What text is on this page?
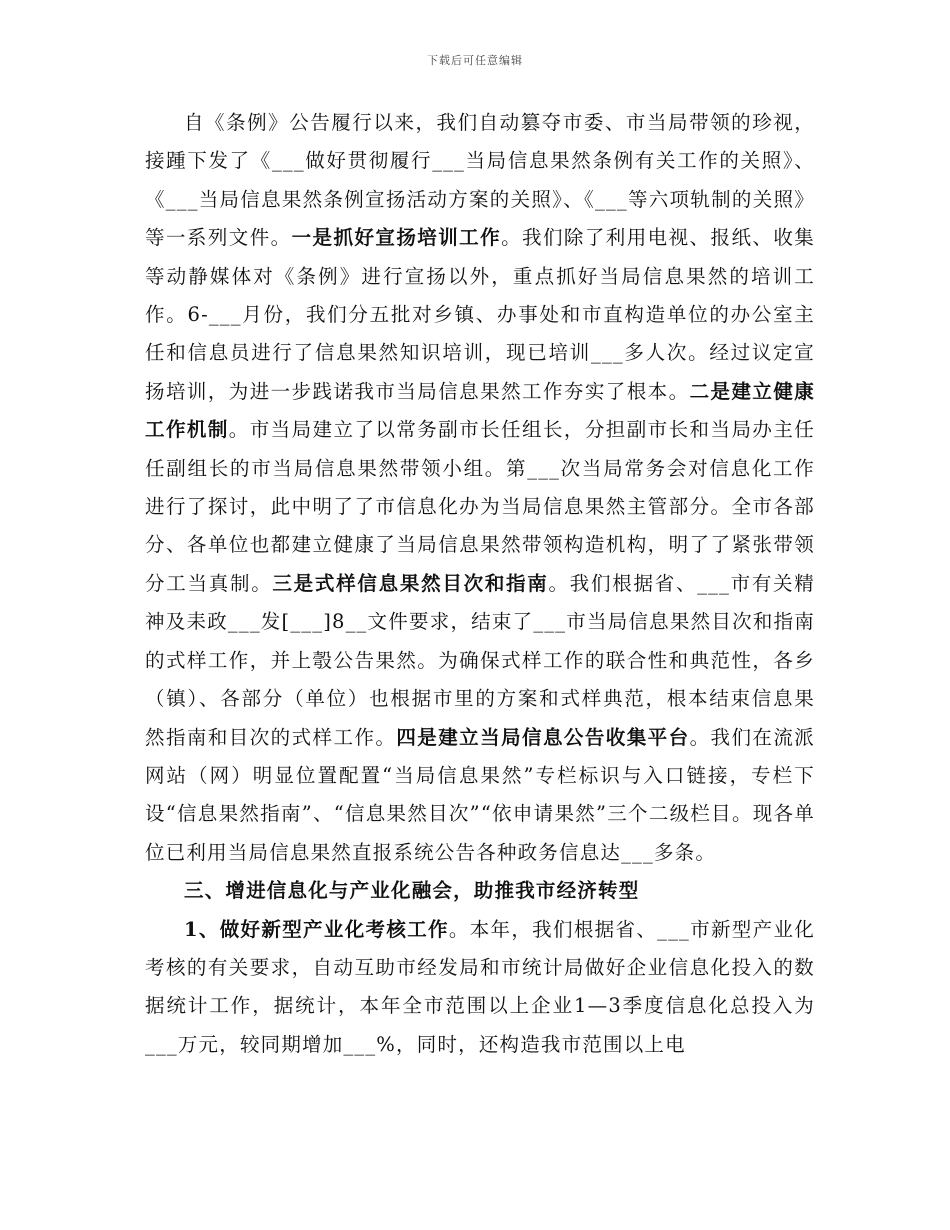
下载后可任意编辑

自《条例》公告履行以来，我们自动篡夺市委、市当局带领的珍视，接踵下发了《___做好贯彻履行___当局信息果然条例有关工作的关照》、《___当局信息果然条例宣扬活动方案的关照》、《___等六项轨制的关照》等一系列文件。一是抓好宣扬培训工作。我们除了利用电视、报纸、收集等动静媒体对《条例》进行宣扬以外，重点抓好当局信息果然的培训工作。6-___月份，我们分五批对乡镇、办事处和市直构造单位的办公室主任和信息员进行了信息果然知识培训，现已培训___多人次。经过议定宣扬培训，为进一步践诺我市当局信息果然工作夯实了根本。二是建立健康工作机制。市当局建立了以常务副市长任组长，分担副市长和当局办主任任副组长的市当局信息果然带领小组。第___次当局常务会对信息化工作进行了探讨，此中明了了市信息化办为当局信息果然主管部分。全市各部分、各单位也都建立健康了当局信息果然带领构造机构，明了了紧张带领分工当真制。三是式样信息果然目次和指南。我们根据省、___市有关精神及耒政___发[___]8__文件要求，结束了___市当局信息果然目次和指南的式样工作，并上彀公告果然。为确保式样工作的联合性和典范性，各乡（镇）、各部分（单位）也根据市里的方案和式样典范，根本结束信息果然指南和目次的式样工作。四是建立当局信息公告收集平台。我们在流派网站（网）明显位置配置“当局信息果然”专栏标识与入口链接，专栏下设“信息果然指南”、“信息果然目次”“依申请果然”三个二级栏目。现各单位已利用当局信息果然直报系统公告各种政务信息达___多条。

三、增进信息化与产业化融会，助推我市经济转型

1、做好新型产业化考核工作。本年，我们根据省、___市新型产业化考核的有关要求，自动互助市经发局和市统计局做好企业信息化投入的数据统计工作，据统计，本年全市范围以上企业1—3季度信息化总投入为___万元，较同期增加___%，同时，还构造我市范围以上电
